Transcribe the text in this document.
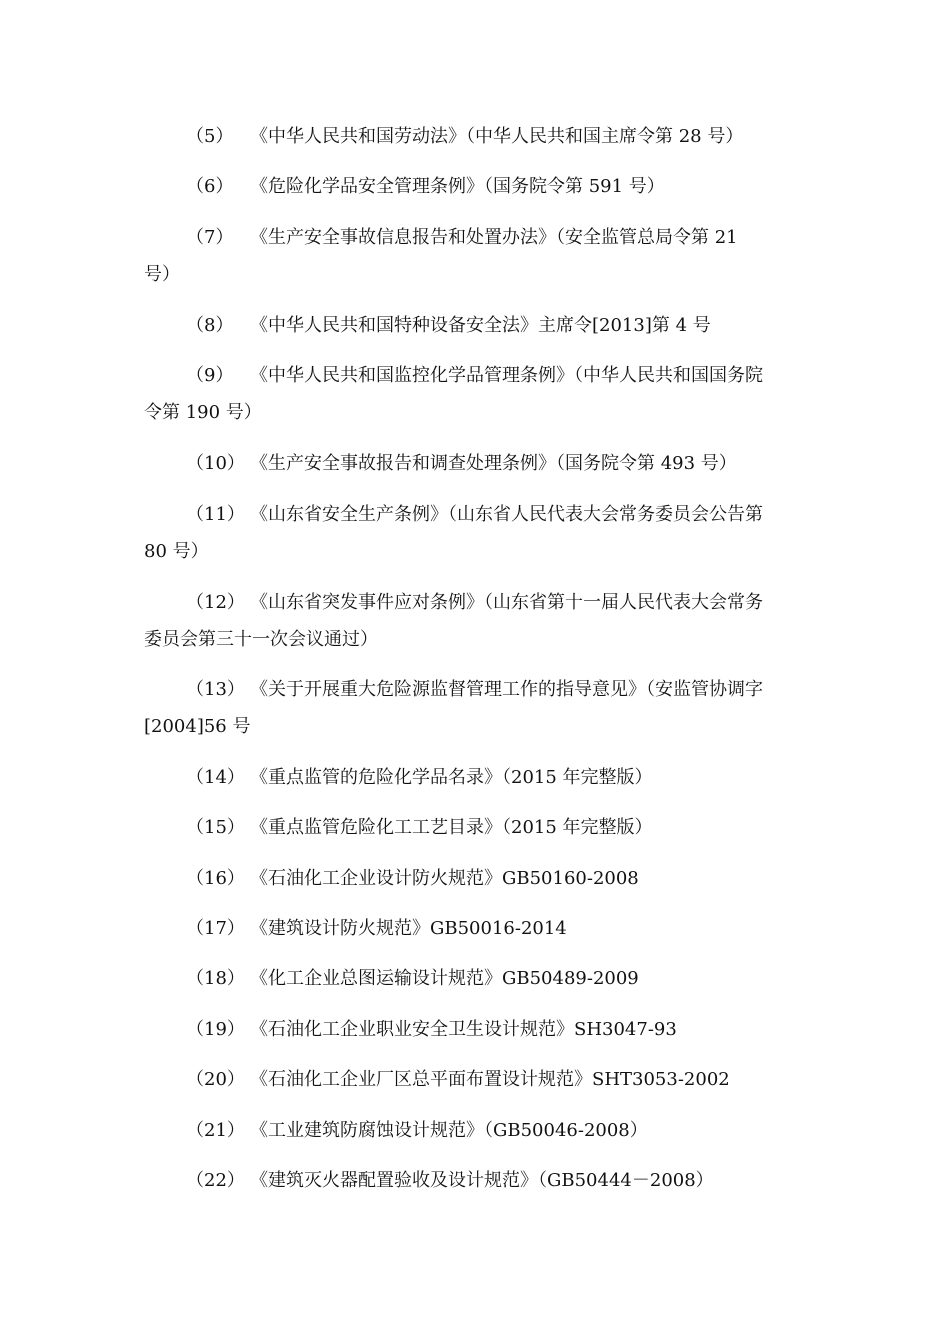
（5） 《中华人民共和国劳动法》（中华人民共和国主席令第 28 号）
（6） 《危险化学品安全管理条例》（国务院令第 591 号）
（7） 《生产安全事故信息报告和处置办法》（安全监管总局令第 21
号）
（8） 《中华人民共和国特种设备安全法》主席令[2013]第 4 号
（9） 《中华人民共和国监控化学品管理条例》（中华人民共和国国务院
令第 190 号）
（10） 《生产安全事故报告和调查处理条例》（国务院令第 493 号）
（11） 《山东省安全生产条例》（山东省人民代表大会常务委员会公告第
80 号）
（12） 《山东省突发事件应对条例》（山东省第十一届人民代表大会常务
委员会第三十一次会议通过）
（13） 《关于开展重大危险源监督管理工作的指导意见》（安监管协调字
[2004]56 号
（14） 《重点监管的危险化学品名录》（2015 年完整版）
（15） 《重点监管危险化工工艺目录》（2015 年完整版）
（16） 《石油化工企业设计防火规范》GB50160-2008
（17） 《建筑设计防火规范》GB50016-2014
（18） 《化工企业总图运输设计规范》GB50489-2009
（19） 《石油化工企业职业安全卫生设计规范》SH3047-93
（20） 《石油化工企业厂区总平面布置设计规范》SHT3053-2002
（21） 《工业建筑防腐蚀设计规范》（GB50046-2008）
（22） 《建筑灭火器配置验收及设计规范》（GB50444－2008）
